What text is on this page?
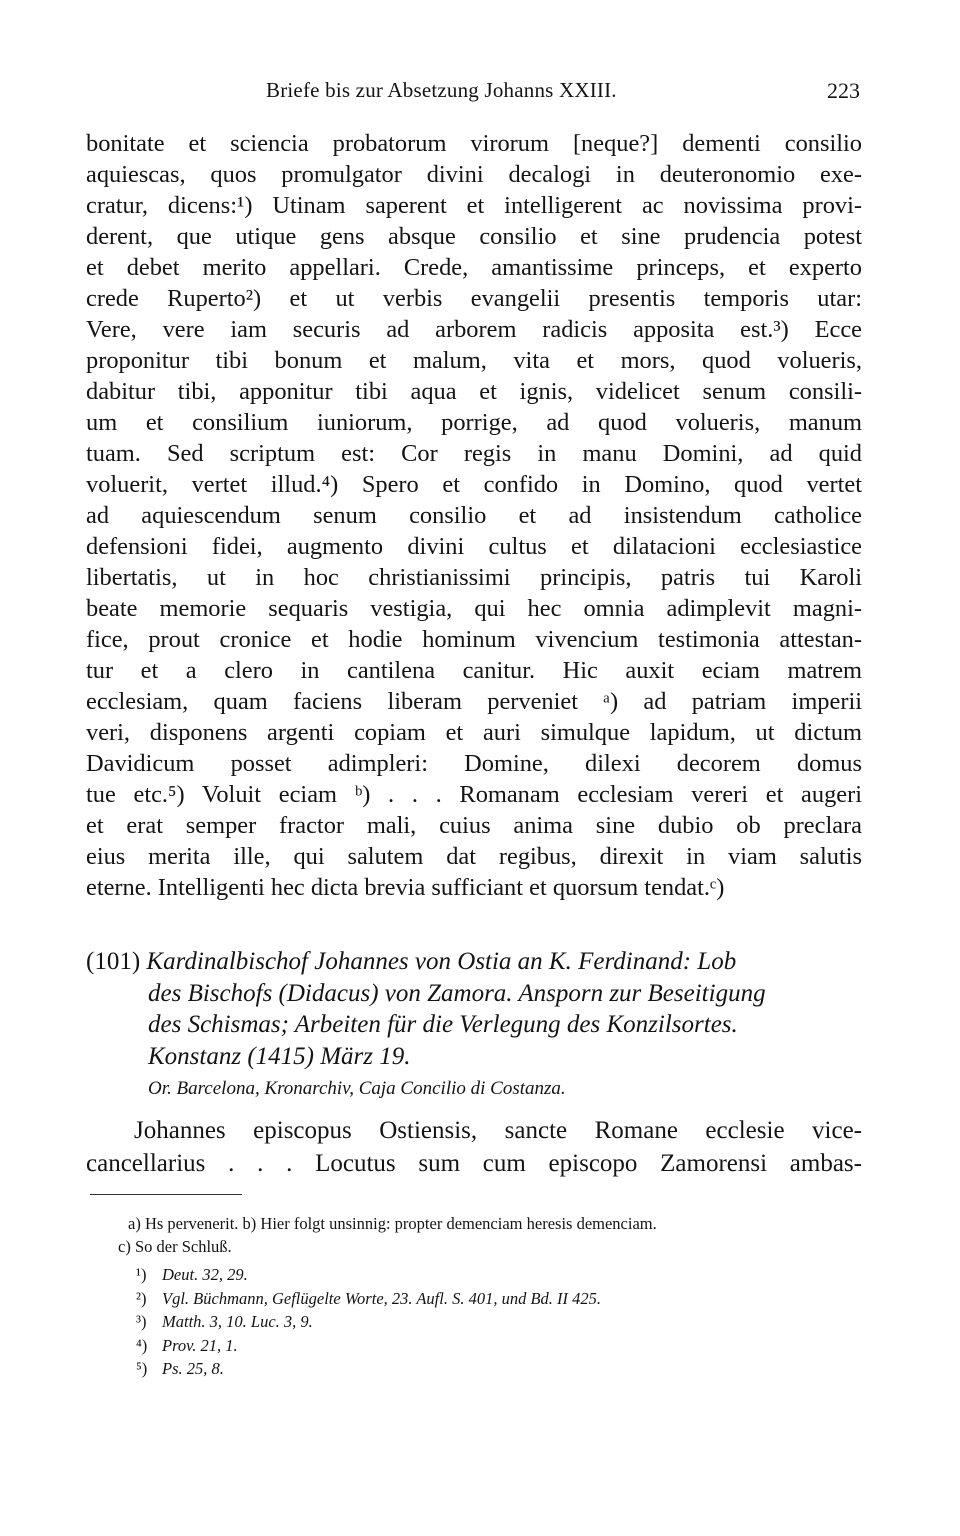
Briefe bis zur Absetzung Johanns XXIII.	223
bonitate et sciencia probatorum virorum [neque?] dementi consilio
aquiescas, quos promulgator divini decalogi in deuteronomio exe-
cratur, dicens:¹) Utinam saperent et intelligerent ac novissima provi-
derent, que utique gens absque consilio et sine prudencia potest
et debet merito appellari. Crede, amantissime princeps, et experto
crede Ruperto²) et ut verbis evangelii presentis temporis utar:
Vere, vere iam securis ad arborem radicis apposita est.³) Ecce
proponitur tibi bonum et malum, vita et mors, quod volueris,
dabitur tibi, apponitur tibi aqua et ignis, videlicet senum consili-
um et consilium iuniorum, porrige, ad quod volueris, manum
tuam. Sed scriptum est: Cor regis in manu Domini, ad quid
voluerit, vertet illud.⁴) Spero et confido in Domino, quod vertet
ad aquiescendum senum consilio et ad insistendum catholice
defensioni fidei, augmento divini cultus et dilatacioni ecclesiastice
libertatis, ut in hoc christianissimi principis, patris tui Karoli
beate memorie sequaris vestigia, qui hec omnia adimplevit magni-
fice, prout cronice et hodie hominum vivencium testimonia attestan-
tur et a clero in cantilena canitur. Hic auxit eciam matrem
ecclesiam, quam faciens liberam perveniet ᵃ) ad patriam imperii
veri, disponens argenti copiam et auri simulque lapidum, ut dictum
Davidicum posset adimpleri: Domine, dilexi decorem domus
tue etc.⁵) Voluit eciam ᵇ) . . . Romanam ecclesiam vereri et augeri
et erat semper fractor mali, cuius anima sine dubio ob preclara
eius merita ille, qui salutem dat regibus, direxit in viam salutis
eterne. Intelligenti hec dicta brevia sufficiant et quorsum tendat.ᶜ)
(101) Kardinalbischof Johannes von Ostia an K. Ferdinand: Lob
des Bischofs (Didacus) von Zamora. Ansporn zur Beseitigung
des Schismas; Arbeiten für die Verlegung des Konzilsortes.
Konstanz (1415) März 19.
Or. Barcelona, Kronarchiv, Caja Concilio di Costanza.
Johannes episcopus Ostiensis, sancte Romane ecclesie vice-
cancellarius . . . Locutus sum cum episcopo Zamorensi ambas-
a) Hs pervenerit. b) Hier folgt unsinnig: propter demenciam heresis demenciam.
c) So der Schluß.
¹) Deut. 32, 29.
²) Vgl. Büchmann, Geflügelte Worte, 23. Aufl. S. 401, und Bd. II 425.
³) Matth. 3, 10. Luc. 3, 9.
⁴) Prov. 21, 1.
⁵) Ps. 25, 8.
